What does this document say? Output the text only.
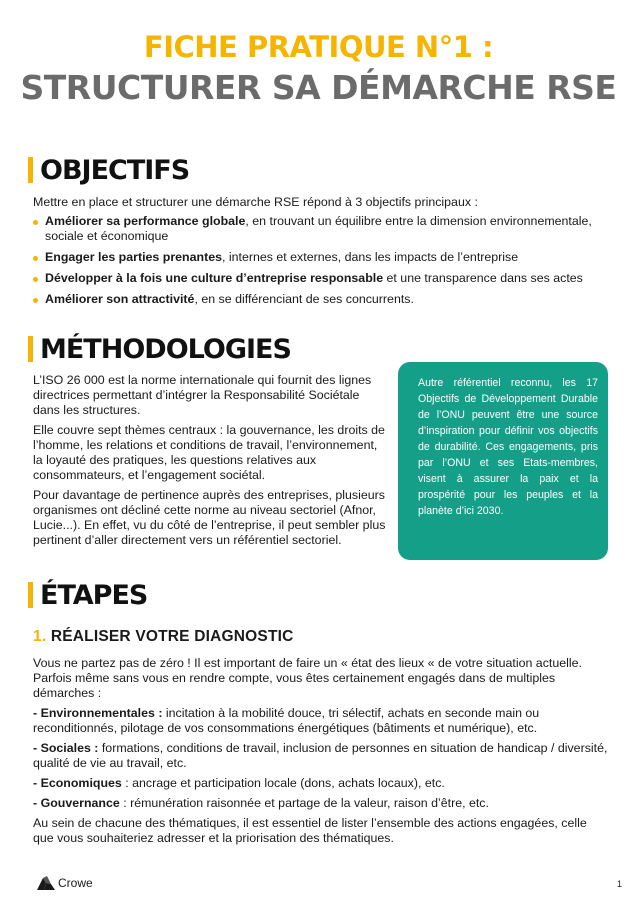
FICHE PRATIQUE N°1 :
STRUCTURER SA DÉMARCHE RSE
OBJECTIFS
Mettre en place et structurer une démarche RSE répond à 3 objectifs principaux :
Améliorer sa performance globale, en trouvant un équilibre entre la dimension environnementale, sociale et économique
Engager les parties prenantes, internes et externes, dans les impacts de l’entreprise
Développer à la fois une culture d’entreprise responsable et une transparence dans ses actes
Améliorer son attractivité, en se différenciant de ses concurrents.
MÉTHODOLOGIES

L’ISO 26 000 est la norme internationale qui fournit des lignes directrices permettant d’intégrer la Responsabilité Sociétale dans les structures.

Elle couvre sept thèmes centraux : la gouvernance, les droits de l’homme, les relations et conditions de travail, l’environnement, la loyauté des pratiques, les questions relatives aux consommateurs, et l’engagement sociétal.

Pour davantage de pertinence auprès des entreprises, plusieurs organismes ont décliné cette norme au niveau sectoriel (Afnor, Lucie...). En effet, vu du côté de l’entreprise, il peut sembler plus pertinent d’aller directement vers un référentiel sectoriel.

Autre référentiel reconnu, les 17 Objectifs de Développement Durable de l’ONU peuvent être une source d’inspiration pour définir vos objectifs de durabilité. Ces engagements, pris par l’ONU et ses Etats-membres, visent à assurer la paix et la prospérité pour les peuples et la planète d’ici 2030.
ÉTAPES
1. RÉALISER VOTRE DIAGNOSTIC

Vous ne partez pas de zéro ! Il est important de faire un « état des lieux « de votre situation actuelle. Parfois même sans vous en rendre compte, vous êtes certainement engagés dans de multiples démarches :

- Environnementales : incitation à la mobilité douce, tri sélectif, achats en seconde main ou reconditionnés, pilotage de vos consommations énergétiques (bâtiments et numérique), etc.

- Sociales : formations, conditions de travail, inclusion de personnes en situation de handicap / diversité, qualité de vie au travail, etc.

- Economiques : ancrage et participation locale (dons, achats locaux), etc.

- Gouvernance : rémunération raisonnée et partage de la valeur, raison d’être, etc.

Au sein de chacune des thématiques, il est essentiel de lister l’ensemble des actions engagées, celle que vous souhaiteriez adresser et la priorisation des thématiques.

Crowe	1
